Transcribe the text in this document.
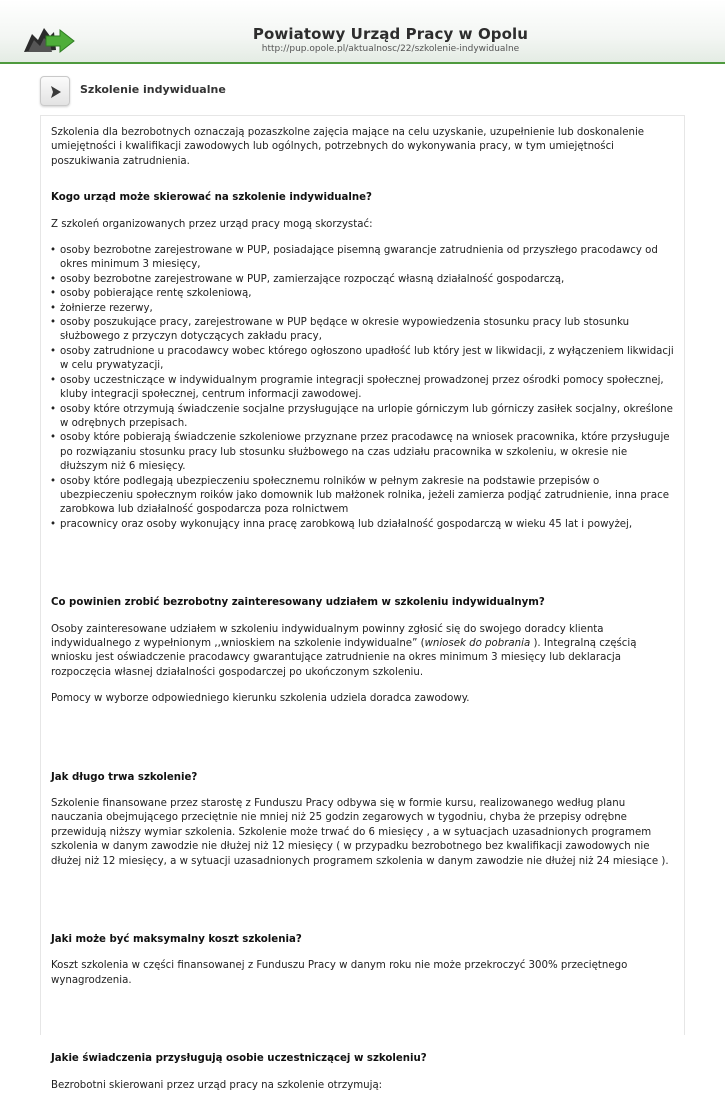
Powiatowy Urząd Pracy w Opolu
http://pup.opole.pl/aktualnosc/22/szkolenie-indywidualne
Szkolenie indywidualne

Szkolenia dla bezrobotnych oznaczają pozaszkolne zajęcia mające na celu uzyskanie, uzupełnienie lub doskonalenie umiejętności i kwalifikacji zawodowych lub ogólnych, potrzebnych do wykonywania pracy, w tym umiejętności poszukiwania zatrudnienia.

Kogo urząd może skierować na szkolenie indywidualne?

Z szkoleń organizowanych przez urząd pracy mogą skorzystać:

• osoby bezrobotne zarejestrowane w PUP, posiadające pisemną gwarancje zatrudnienia od przyszłego pracodawcy od okres minimum 3 miesięcy,
• osoby bezrobotne zarejestrowane w PUP, zamierzające rozpocząć własną działalność gospodarczą,
• osoby pobierające rentę szkoleniową,
• żołnierze rezerwy,
• osoby poszukujące pracy, zarejestrowane w PUP będące w okresie wypowiedzenia stosunku pracy lub stosunku służbowego z przyczyn dotyczących zakładu pracy,
• osoby zatrudnione u pracodawcy wobec którego ogłoszono upadłość lub który jest w likwidacji, z wyłączeniem likwidacji w celu prywatyzacji,
• osoby uczestniczące w indywidualnym programie integracji społecznej prowadzonej przez ośrodki pomocy społecznej, kluby integracji społecznej, centrum informacji zawodowej.
• osoby które otrzymują świadczenie socjalne przysługujące na urlopie górniczym lub górniczy zasiłek socjalny, określone w odrębnych przepisach.
• osoby które pobierają świadczenie szkoleniowe przyznane przez pracodawcę na wniosek pracownika, które przysługuje po rozwiązaniu stosunku pracy lub stosunku służbowego na czas udziału pracownika w szkoleniu, w okresie nie dłuższym niż 6 miesięcy.
• osoby które podlegają ubezpieczeniu społecznemu rolników w pełnym zakresie na podstawie przepisów o ubezpieczeniu społecznym roików jako domownik lub małżonek rolnika, jeżeli zamierza podjąć zatrudnienie, inna prace zarobkowa lub działalność gospodarcza poza rolnictwem
• pracownicy oraz osoby wykonujący inna pracę zarobkową lub działalność gospodarczą w wieku 45 lat i powyżej,
Co powinien zrobić bezrobotny zainteresowany udziałem w szkoleniu indywidualnym?

Osoby zainteresowane udziałem w szkoleniu indywidualnym powinny zgłosić się do swojego doradcy klienta indywidualnego z wypełnionym ,,wnioskiem na szkolenie indywidualne” (wniosek do pobrania ). Integralną częścią wniosku jest oświadczenie pracodawcy gwarantujące zatrudnienie na okres minimum 3 miesięcy lub deklaracja rozpoczęcia własnej działalności gospodarczej po ukończonym szkoleniu.

Pomocy w wyborze odpowiedniego kierunku szkolenia udziela doradca zawodowy.

Jak długo trwa szkolenie?

Szkolenie finansowane przez starostę z Funduszu Pracy odbywa się w formie kursu, realizowanego według planu nauczania obejmującego przeciętnie nie mniej niż 25 godzin zegarowych w tygodniu, chyba że przepisy odrębne przewidują niższy wymiar szkolenia. Szkolenie może trwać do 6 miesięcy , a w sytuacjach uzasadnionych programem szkolenia w danym zawodzie nie dłużej niż 12 miesięcy ( w przypadku bezrobotnego bez kwalifikacji zawodowych nie dłużej niż 12 miesięcy, a w sytuacji uzasadnionych programem szkolenia w danym zawodzie nie dłużej niż 24 miesiące ).

Jaki może być maksymalny koszt szkolenia?

Koszt szkolenia w części finansowanej z Funduszu Pracy w danym roku nie może przekroczyć 300% przeciętnego wynagrodzenia.

Jakie świadczenia przysługują osobie uczestniczącej w szkoleniu?

Bezrobotni skierowani przez urząd pracy na szkolenie otrzymują:
